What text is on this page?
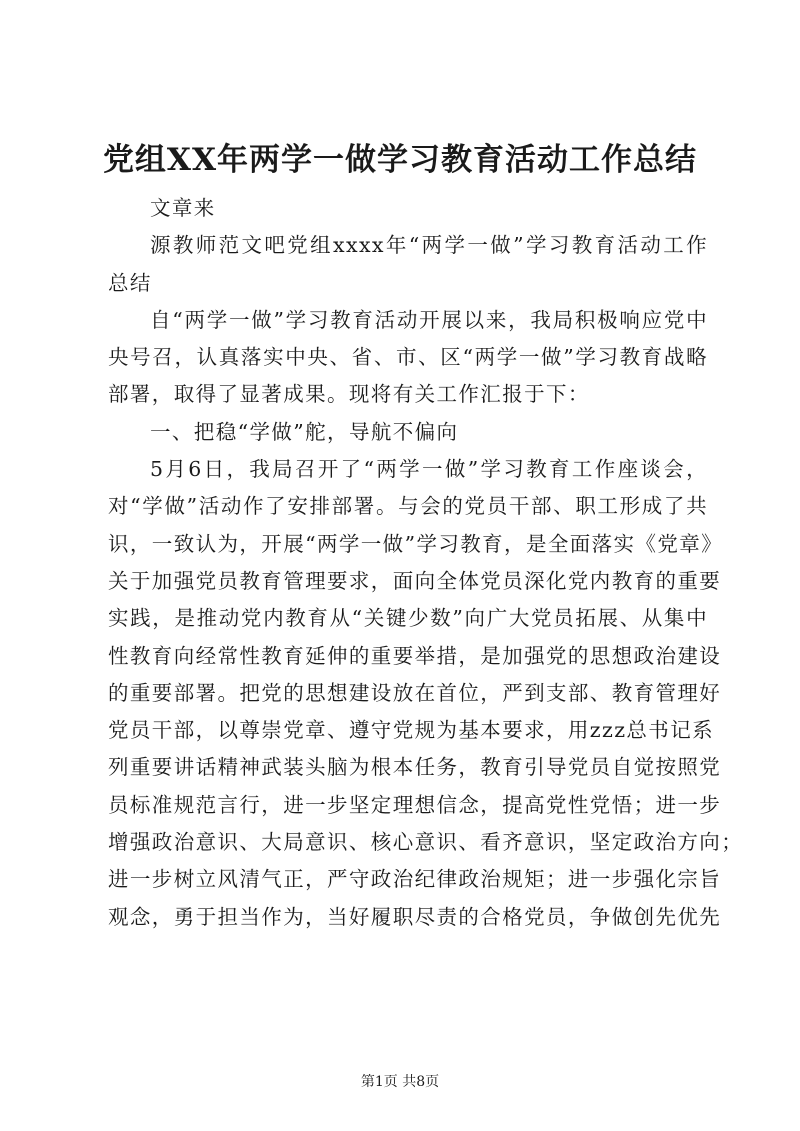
党组XX年两学一做学习教育活动工作总结
文章来
源教师范文吧党组xxxx年“两学一做”学习教育活动工作
总结
自“两学一做”学习教育活动开展以来，我局积极响应党中
央号召，认真落实中央、省、市、区“两学一做”学习教育战略
部署，取得了显著成果。现将有关工作汇报于下：
一、把稳“学做”舵，导航不偏向
5月6日，我局召开了“两学一做”学习教育工作座谈会，
对“学做”活动作了安排部署。与会的党员干部、职工形成了共
识，一致认为，开展“两学一做”学习教育，是全面落实《党章》
关于加强党员教育管理要求，面向全体党员深化党内教育的重要
实践，是推动党内教育从“关键少数”向广大党员拓展、从集中
性教育向经常性教育延伸的重要举措，是加强党的思想政治建设
的重要部署。把党的思想建设放在首位，严到支部、教育管理好
党员干部，以尊崇党章、遵守党规为基本要求，用zzz总书记系
列重要讲话精神武装头脑为根本任务，教育引导党员自觉按照党
员标准规范言行，进一步坚定理想信念，提高党性党悟；进一步
增强政治意识、大局意识、核心意识、看齐意识，坚定政治方向；
进一步树立风清气正，严守政治纪律政治规矩；进一步强化宗旨
观念，勇于担当作为，当好履职尽责的合格党员，争做创先优先
第1页 共8页
